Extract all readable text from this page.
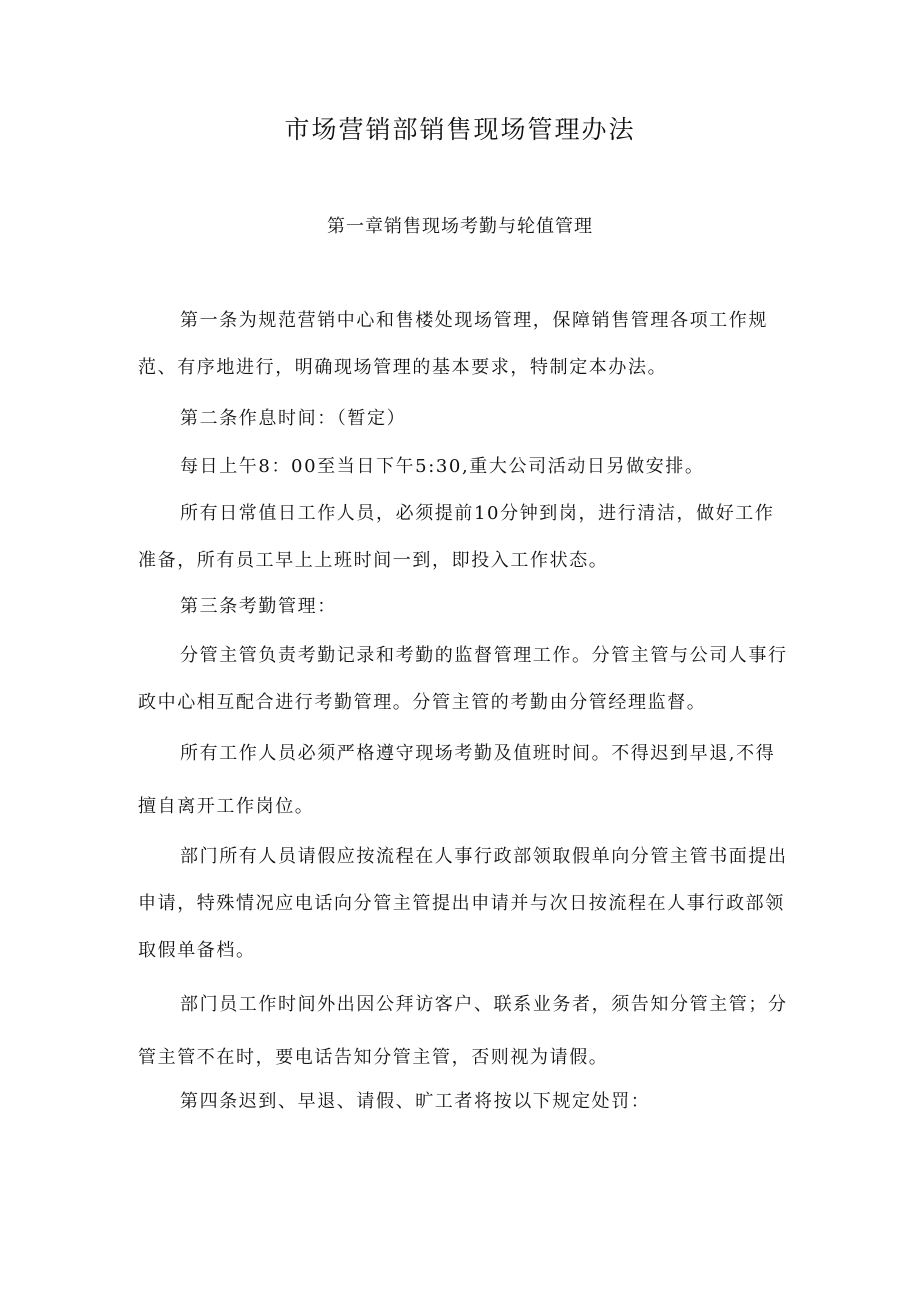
市场营销部销售现场管理办法
第一章销售现场考勤与轮值管理

第一条为规范营销中心和售楼处现场管理，保障销售管理各项工作规范、有序地进行，明确现场管理的基本要求，特制定本办法。

第二条作息时间：（暂定）

每日上午8：00至当日下午5:30,重大公司活动日另做安排。

所有日常值日工作人员，必须提前10分钟到岗，进行清洁，做好工作准备，所有员工早上上班时间一到，即投入工作状态。

第三条考勤管理：

分管主管负责考勤记录和考勤的监督管理工作。分管主管与公司人事行政中心相互配合进行考勤管理。分管主管的考勤由分管经理监督。

所有工作人员必须严格遵守现场考勤及值班时间。不得迟到早退,不得擅自离开工作岗位。

部门所有人员请假应按流程在人事行政部领取假单向分管主管书面提出申请，特殊情况应电话向分管主管提出申请并与次日按流程在人事行政部领取假单备档。

部门员工作时间外出因公拜访客户、联系业务者，须告知分管主管；分管主管不在时，要电话告知分管主管，否则视为请假。

第四条迟到、早退、请假、旷工者将按以下规定处罚：
